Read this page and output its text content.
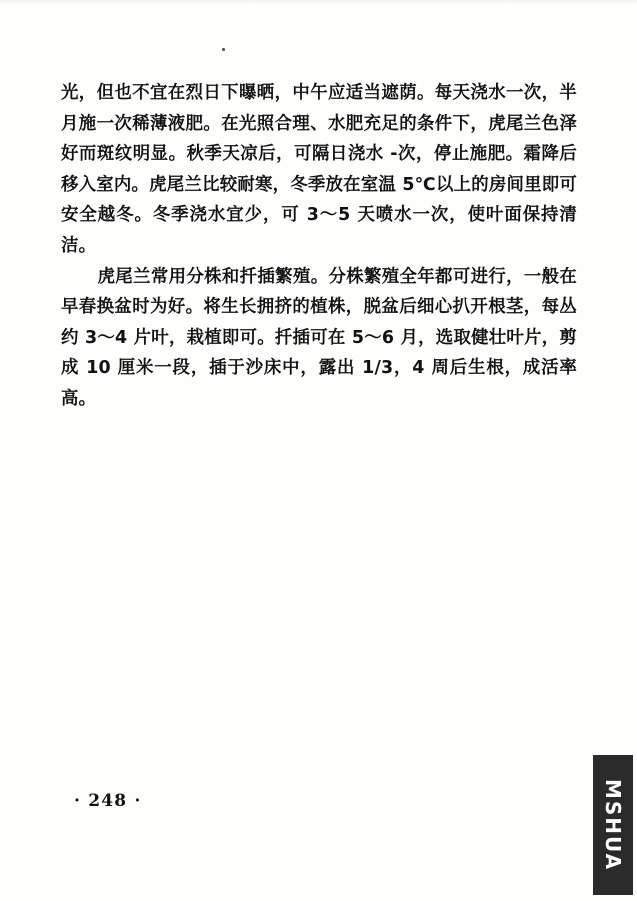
光，但也不宜在烈日下曝晒，中午应适当遮荫。每天浇水一次，半月施一次稀薄液肥。在光照合理、水肥充足的条件下，虎尾兰色泽好而斑纹明显。秋季天凉后，可隔日浇水 -次，停止施肥。霜降后移入室内。虎尾兰比较耐寒，冬季放在室温 5℃以上的房间里即可安全越冬。冬季浇水宜少，可 3～5 天喷水一次，使叶面保持清洁。

虎尾兰常用分株和扦插繁殖。分株繁殖全年都可进行，一般在早春换盆时为好。将生长拥挤的植株，脱盆后细心扒开根茎，每丛约 3～4 片叶，栽植即可。扦插可在 5～6 月，选取健壮叶片，剪成 10 厘米一段，插于沙床中，露出 1/3，4 周后生根，成活率高。

· 248 ·	MSHUA
